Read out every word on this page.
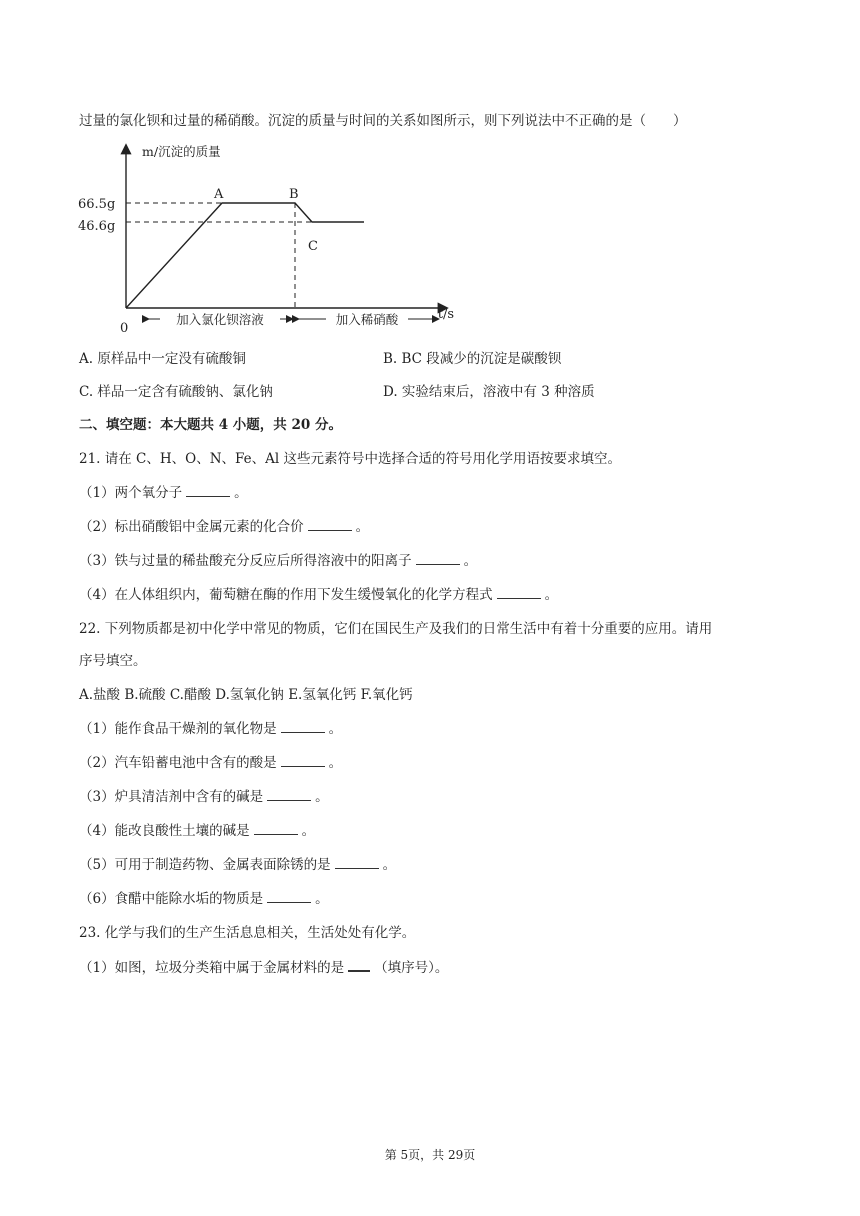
过量的氯化钡和过量的稀硝酸。沉淀的质量与时间的关系如图所示，则下列说法中不正确的是（　　）
m/沉淀的质量
t/s
0
66.5g
46.6g
A	B
C
加入氯化钡溶液	加入稀硝酸
A. 原样品中一定没有硫酸铜	B. BC 段减少的沉淀是碳酸钡
C. 样品一定含有硫酸钠、氯化钠	D. 实验结束后，溶液中有 3 种溶质
二、填空题：本大题共 4 小题，共 20 分。
21. 请在 C、H、O、N、Fe、Al 这些元素符号中选择合适的符号用化学用语按要求填空。
（1）两个氧分子	。
（2）标出硝酸铝中金属元素的化合价	。
（3）铁与过量的稀盐酸充分反应后所得溶液中的阳离子	。
（4）在人体组织内，葡萄糖在酶的作用下发生缓慢氧化的化学方程式	。
22. 下列物质都是初中化学中常见的物质，它们在国民生产及我们的日常生活中有着十分重要的应用。请用
序号填空。
A.盐酸 B.硫酸 C.醋酸 D.氢氧化钠 E.氢氧化钙 F.氧化钙
（1）能作食品干燥剂的氧化物是	。
（2）汽车铅蓄电池中含有的酸是	。
（3）炉具清洁剂中含有的碱是	。
（4）能改良酸性土壤的碱是	。
（5）可用于制造药物、金属表面除锈的是	。
（6）食醋中能除水垢的物质是	。
23. 化学与我们的生产生活息息相关，生活处处有化学。
（1）如图，垃圾分类箱中属于金属材料的是 （填序号）。
第 5页，共 29页
